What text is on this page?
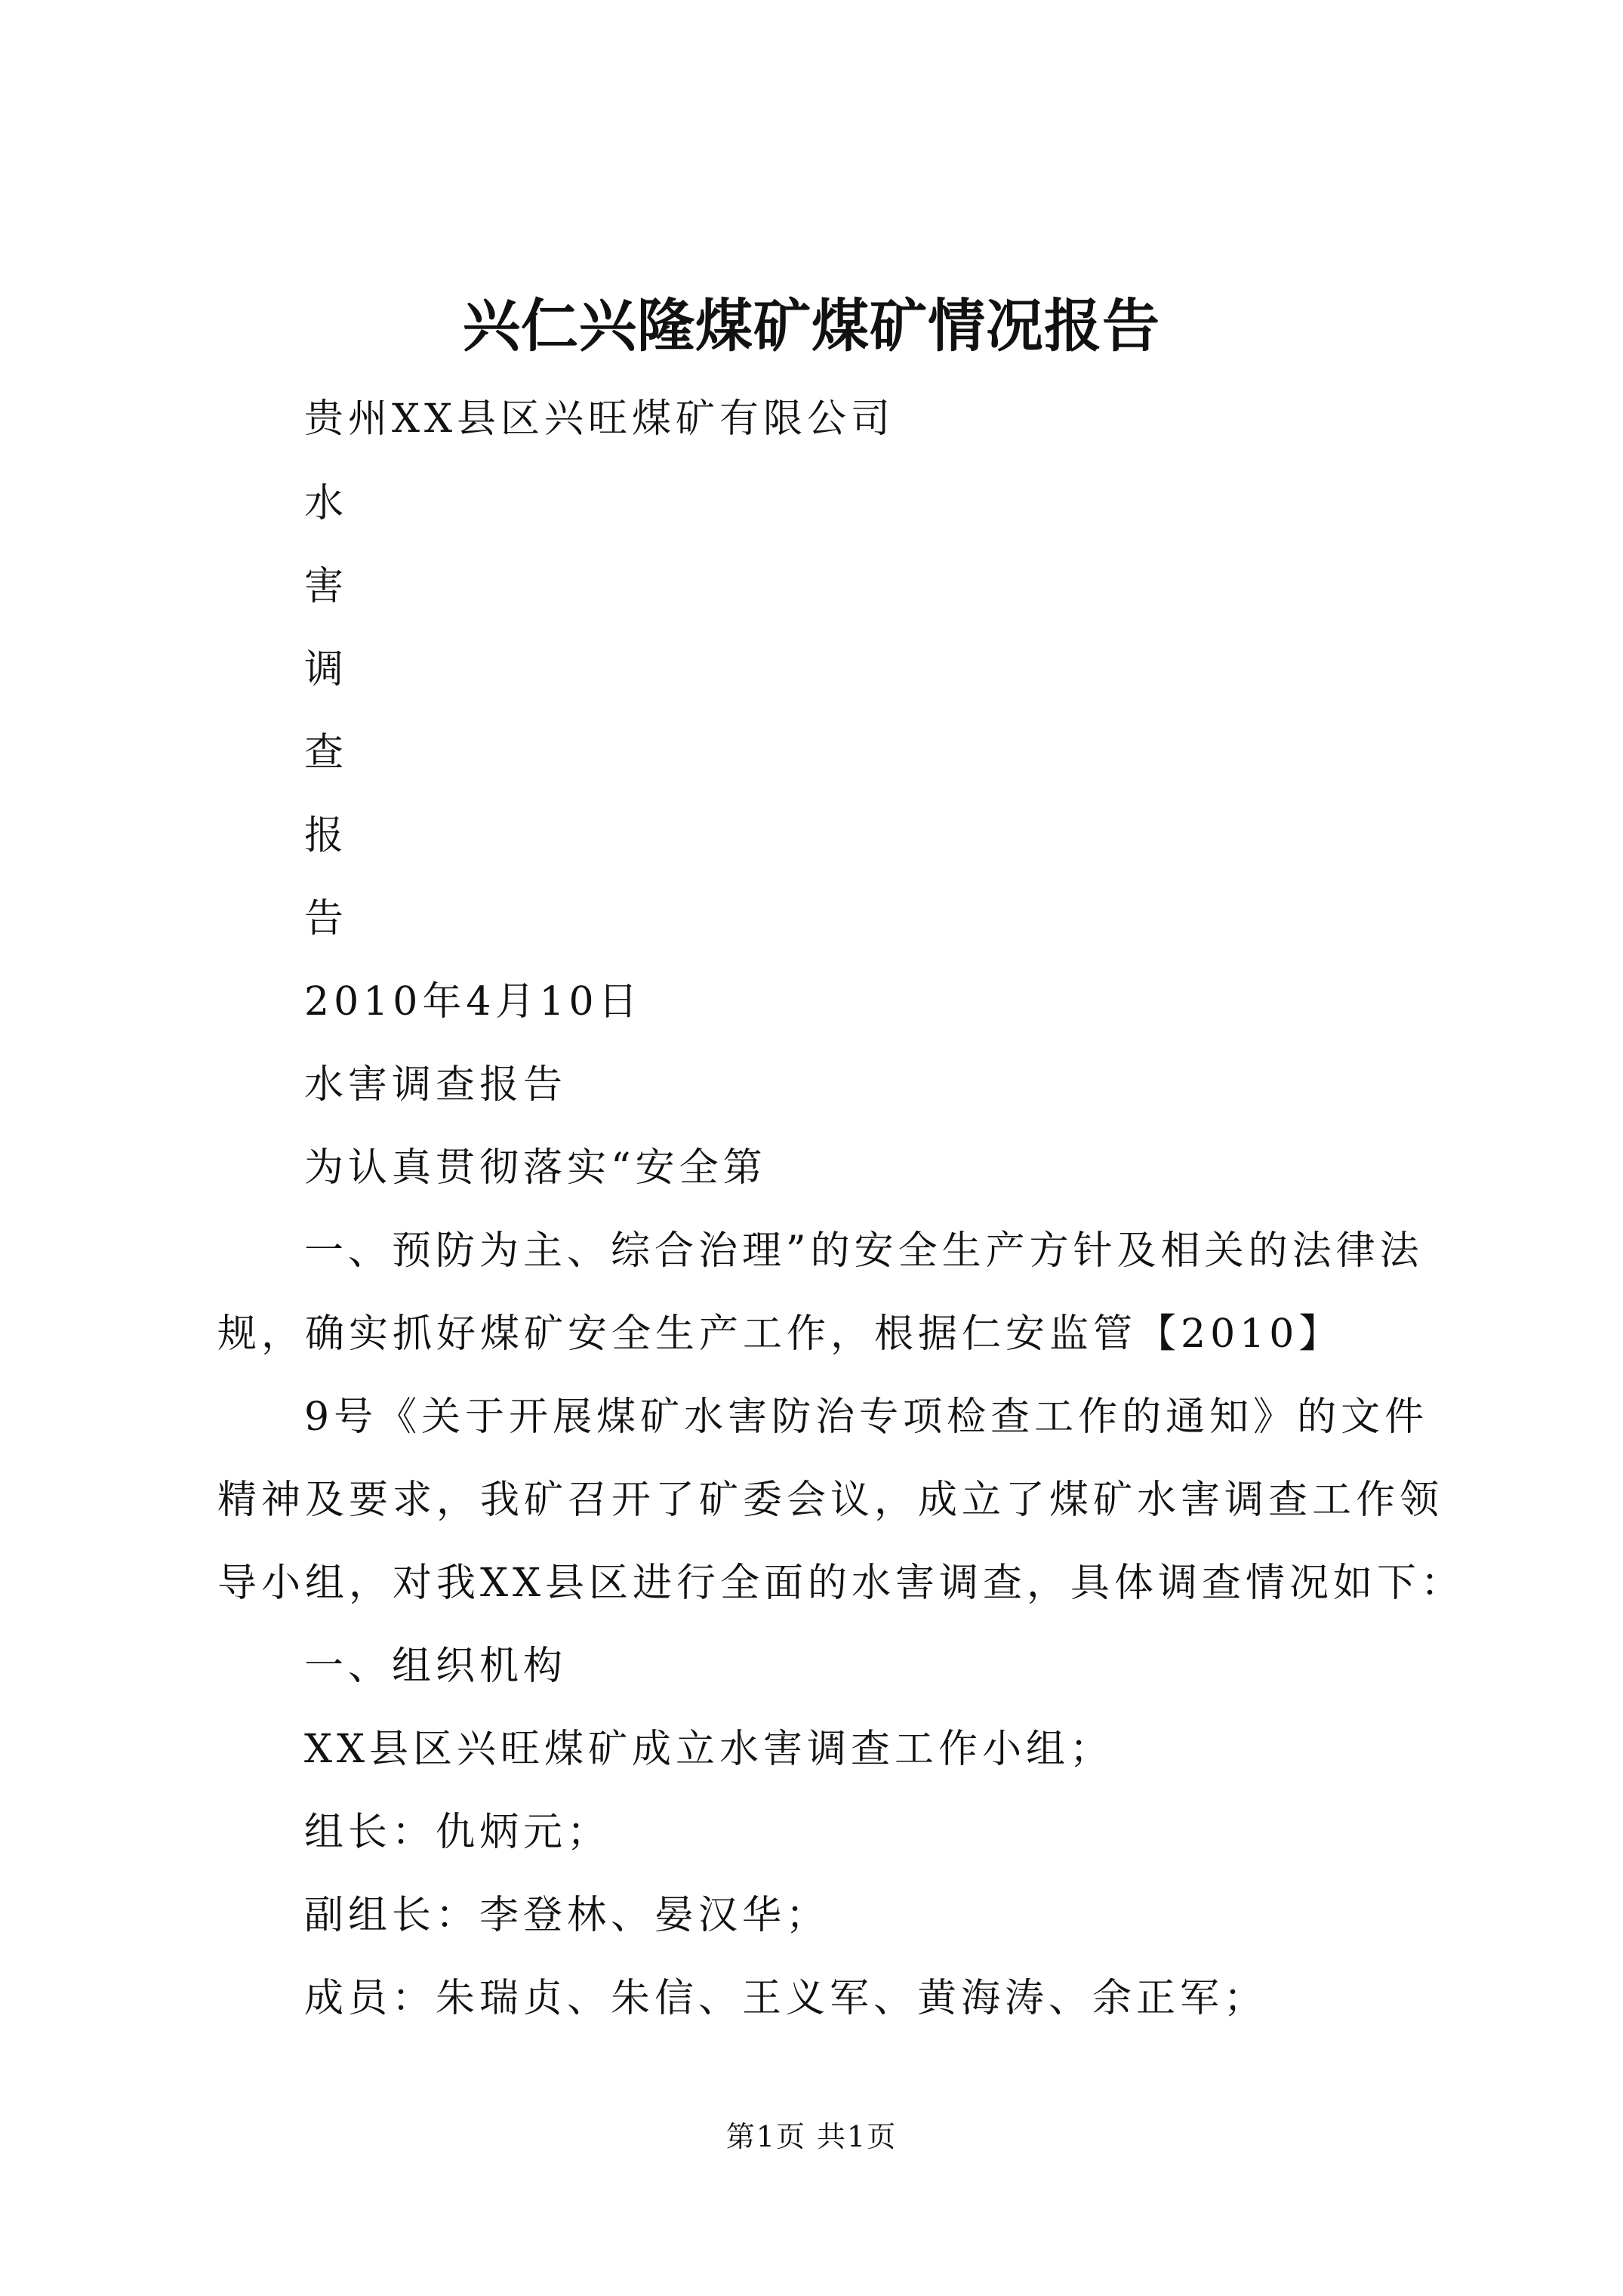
兴仁兴隆煤矿煤矿情况报告
贵州XX县区兴旺煤矿有限公司
水
害
调
查
报
告
2010年4月10日
水害调查报告
为认真贯彻落实“安全第
一、预防为主、综合治理”的安全生产方针及相关的法律法
规，确实抓好煤矿安全生产工作，根据仁安监管【2010】
9号《关于开展煤矿水害防治专项检查工作的通知》的文件
精神及要求，我矿召开了矿委会议，成立了煤矿水害调查工作领
导小组，对我XX县区进行全面的水害调查，具体调查情况如下：
一、组织机构
XX县区兴旺煤矿成立水害调查工作小组；
组长：仇炳元；
副组长：李登林、晏汉华；
成员：朱瑞贞、朱信、王义军、黄海涛、余正军；
第1页 共1页
